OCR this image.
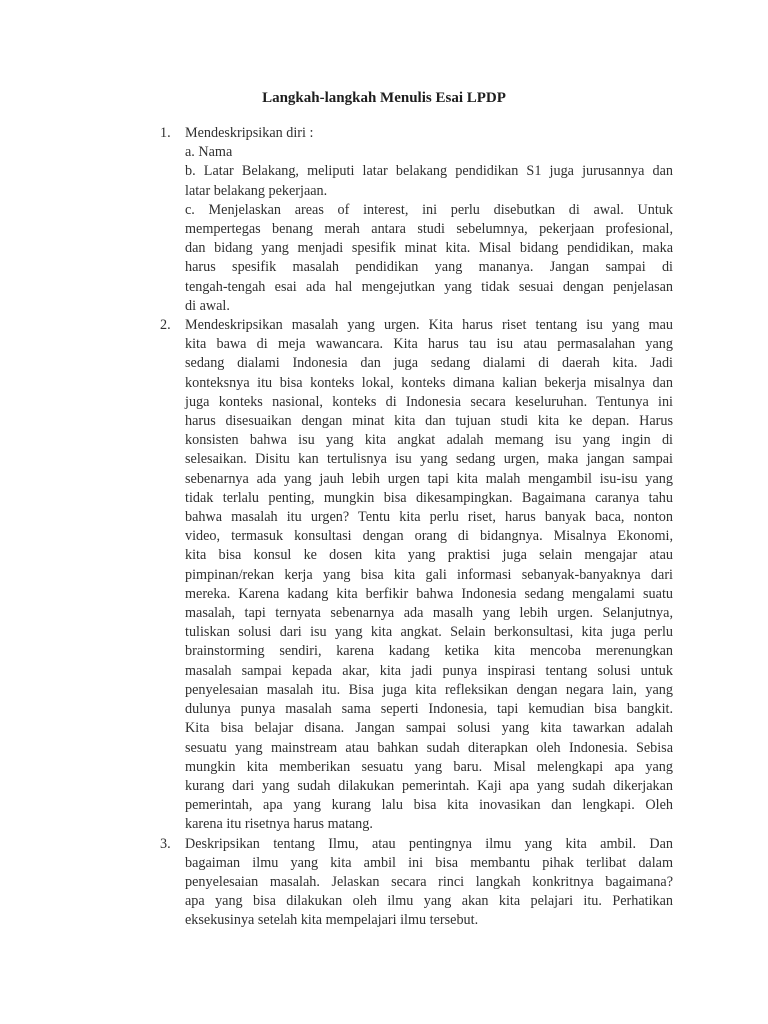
Langkah-langkah Menulis Esai LPDP
1. Mendeskripsikan diri :
a. Nama
b. Latar Belakang, meliputi latar belakang pendidikan S1 juga jurusannya dan
latar belakang pekerjaan.
c. Menjelaskan areas of interest, ini perlu disebutkan di awal. Untuk
mempertegas benang merah antara studi sebelumnya, pekerjaan profesional,
dan bidang yang menjadi spesifik minat kita. Misal bidang pendidikan, maka
harus spesifik masalah pendidikan yang mananya. Jangan sampai di
tengah-tengah esai ada hal mengejutkan yang tidak sesuai dengan penjelasan
di awal.
2. Mendeskripsikan masalah yang urgen. Kita harus riset tentang isu yang mau
kita bawa di meja wawancara. Kita harus tau isu atau permasalahan yang
sedang dialami Indonesia dan juga sedang dialami di daerah kita. Jadi
konteksnya itu bisa konteks lokal, konteks dimana kalian bekerja misalnya dan
juga konteks nasional, konteks di Indonesia secara keseluruhan. Tentunya ini
harus disesuaikan dengan minat kita dan tujuan studi kita ke depan. Harus
konsisten bahwa isu yang kita angkat adalah memang isu yang ingin di
selesaikan. Disitu kan tertulisnya isu yang sedang urgen, maka jangan sampai
sebenarnya ada yang jauh lebih urgen tapi kita malah mengambil isu-isu yang
tidak terlalu penting, mungkin bisa dikesampingkan. Bagaimana caranya tahu
bahwa masalah itu urgen? Tentu kita perlu riset, harus banyak baca, nonton
video, termasuk konsultasi dengan orang di bidangnya. Misalnya Ekonomi,
kita bisa konsul ke dosen kita yang praktisi juga selain mengajar atau
pimpinan/rekan kerja yang bisa kita gali informasi sebanyak-banyaknya dari
mereka. Karena kadang kita berfikir bahwa Indonesia sedang mengalami suatu
masalah, tapi ternyata sebenarnya ada masalh yang lebih urgen. Selanjutnya,
tuliskan solusi dari isu yang kita angkat. Selain berkonsultasi, kita juga perlu
brainstorming sendiri, karena kadang ketika kita mencoba merenungkan
masalah sampai kepada akar, kita jadi punya inspirasi tentang solusi untuk
penyelesaian masalah itu. Bisa juga kita refleksikan dengan negara lain, yang
dulunya punya masalah sama seperti Indonesia, tapi kemudian bisa bangkit.
Kita bisa belajar disana. Jangan sampai solusi yang kita tawarkan adalah
sesuatu yang mainstream atau bahkan sudah diterapkan oleh Indonesia. Sebisa
mungkin kita memberikan sesuatu yang baru. Misal melengkapi apa yang
kurang dari yang sudah dilakukan pemerintah. Kaji apa yang sudah dikerjakan
pemerintah, apa yang kurang lalu bisa kita inovasikan dan lengkapi. Oleh
karena itu risetnya harus matang.
3. Deskripsikan tentang Ilmu, atau pentingnya ilmu yang kita ambil. Dan
bagaiman ilmu yang kita ambil ini bisa membantu pihak terlibat dalam
penyelesaian masalah. Jelaskan secara rinci langkah konkritnya bagaimana?
apa yang bisa dilakukan oleh ilmu yang akan kita pelajari itu. Perhatikan
eksekusinya setelah kita mempelajari ilmu tersebut.
